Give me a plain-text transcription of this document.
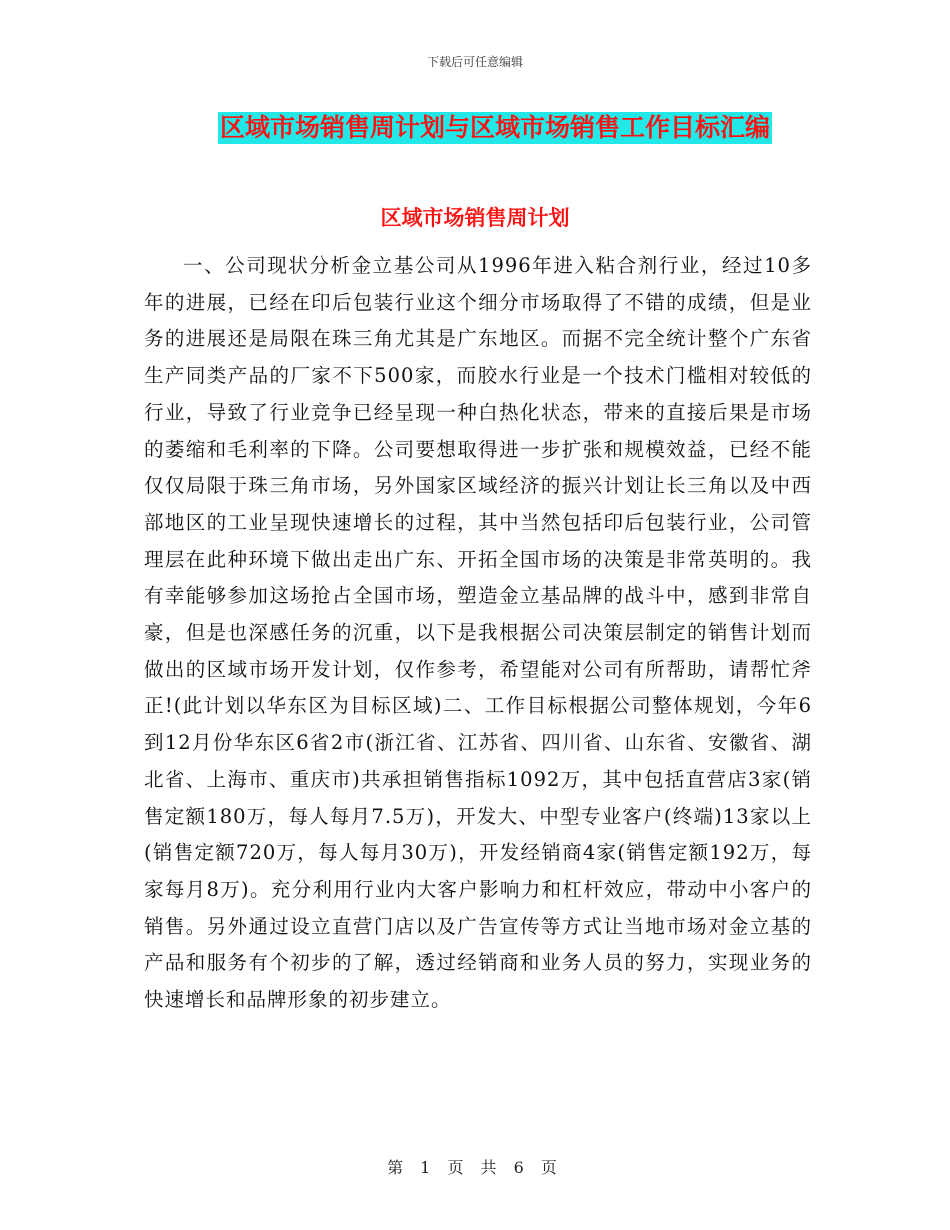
下载后可任意编辑
区域市场销售周计划与区域市场销售工作目标汇编
区域市场销售周计划

一、公司现状分析金立基公司从1996年进入粘合剂行业，经过10多年的进展，已经在印后包装行业这个细分市场取得了不错的成绩，但是业务的进展还是局限在珠三角尤其是广东地区。而据不完全统计整个广东省生产同类产品的厂家不下500家，而胶水行业是一个技术门槛相对较低的行业，导致了行业竞争已经呈现一种白热化状态，带来的直接后果是市场的萎缩和毛利率的下降。公司要想取得进一步扩张和规模效益，已经不能仅仅局限于珠三角市场，另外国家区域经济的振兴计划让长三角以及中西部地区的工业呈现快速增长的过程，其中当然包括印后包装行业，公司管理层在此种环境下做出走出广东、开拓全国市场的决策是非常英明的。我有幸能够参加这场抢占全国市场，塑造金立基品牌的战斗中，感到非常自豪，但是也深感任务的沉重，以下是我根据公司决策层制定的销售计划而做出的区域市场开发计划，仅作参考，希望能对公司有所帮助，请帮忙斧正!(此计划以华东区为目标区域)二、工作目标根据公司整体规划，今年6到12月份华东区6省2市(浙江省、江苏省、四川省、山东省、安徽省、湖北省、上海市、重庆市)共承担销售指标1092万，其中包括直营店3家(销售定额180万，每人每月7.5万)，开发大、中型专业客户(终端)13家以上(销售定额720万，每人每月30万)，开发经销商4家(销售定额192万，每家每月8万)。充分利用行业内大客户影响力和杠杆效应，带动中小客户的销售。另外通过设立直营门店以及广告宣传等方式让当地市场对金立基的产品和服务有个初步的了解，透过经销商和业务人员的努力，实现业务的快速增长和品牌形象的初步建立。

第 1 页 共 6 页
